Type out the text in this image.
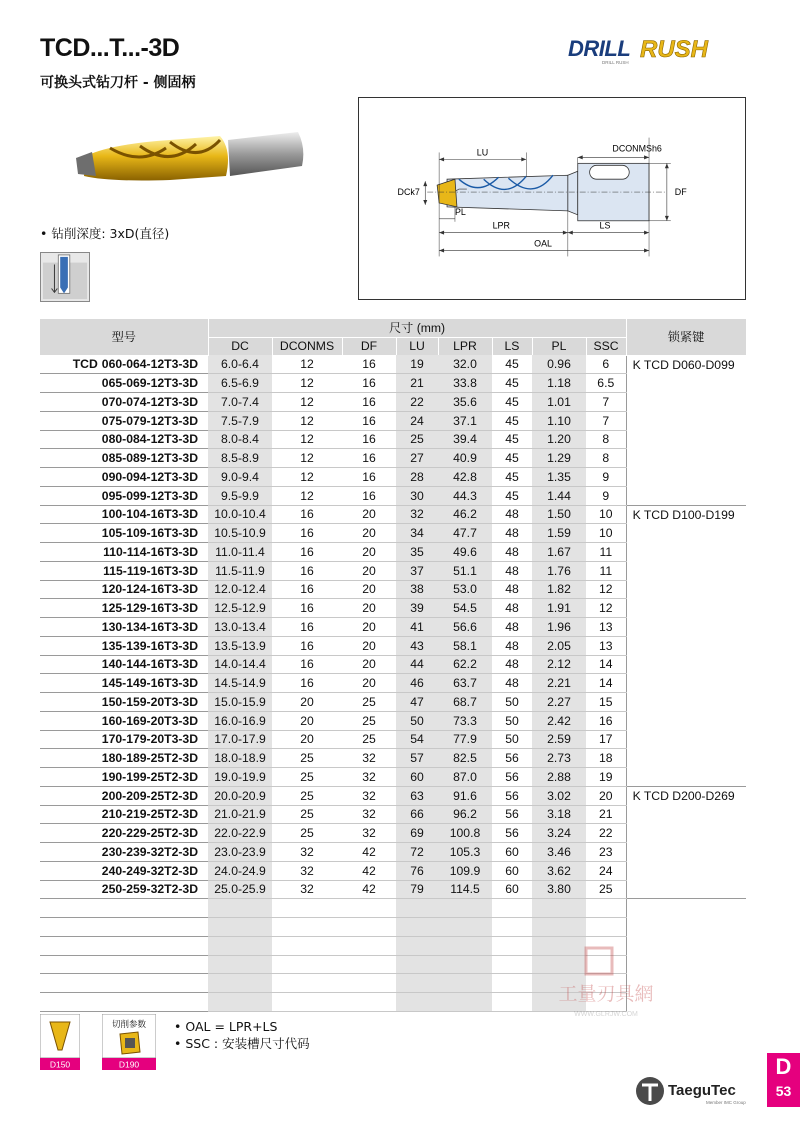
TCD...T...-3D
可换头式钻刀杆 - 侧固柄
DRILL RUSH
DRILL RUSH
• 钻削深度: 3xD(直径)
LU	DCONMSh6
DCk7	DF
PL
LPR	LS
OAL
型号	尺寸 (mm)								锁紧键
	DC	DCONMS	DF	LU	LPR	LS	PL	SSC	
TCD 060-064-12T3-3D	6.0-6.4	12	16	19	32.0	45	0.96	6	K TCD D060-D099
065-069-12T3-3D	6.5-6.9	12	16	21	33.8	45	1.18	6.5	
070-074-12T3-3D	7.0-7.4	12	16	22	35.6	45	1.01	7	
075-079-12T3-3D	7.5-7.9	12	16	24	37.1	45	1.10	7	
080-084-12T3-3D	8.0-8.4	12	16	25	39.4	45	1.20	8	
085-089-12T3-3D	8.5-8.9	12	16	27	40.9	45	1.29	8	
090-094-12T3-3D	9.0-9.4	12	16	28	42.8	45	1.35	9	
095-099-12T3-3D	9.5-9.9	12	16	30	44.3	45	1.44	9	
100-104-16T3-3D	10.0-10.4	16	20	32	46.2	48	1.50	10	K TCD D100-D199
105-109-16T3-3D	10.5-10.9	16	20	34	47.7	48	1.59	10	
110-114-16T3-3D	11.0-11.4	16	20	35	49.6	48	1.67	11	
115-119-16T3-3D	11.5-11.9	16	20	37	51.1	48	1.76	11	
120-124-16T3-3D	12.0-12.4	16	20	38	53.0	48	1.82	12	
125-129-16T3-3D	12.5-12.9	16	20	39	54.5	48	1.91	12	
130-134-16T3-3D	13.0-13.4	16	20	41	56.6	48	1.96	13	
135-139-16T3-3D	13.5-13.9	16	20	43	58.1	48	2.05	13	
140-144-16T3-3D	14.0-14.4	16	20	44	62.2	48	2.12	14	
145-149-16T3-3D	14.5-14.9	16	20	46	63.7	48	2.21	14	
150-159-20T3-3D	15.0-15.9	20	25	47	68.7	50	2.27	15	
160-169-20T3-3D	16.0-16.9	20	25	50	73.3	50	2.42	16	
170-179-20T3-3D	17.0-17.9	20	25	54	77.9	50	2.59	17	
180-189-25T2-3D	18.0-18.9	25	32	57	82.5	56	2.73	18	
190-199-25T2-3D	19.0-19.9	25	32	60	87.0	56	2.88	19	
200-209-25T2-3D	20.0-20.9	25	32	63	91.6	56	3.02	20	K TCD D200-D269
210-219-25T2-3D	21.0-21.9	25	32	66	96.2	56	3.18	21	
220-229-25T2-3D	22.0-22.9	25	32	69	100.8	56	3.24	22	
230-239-32T2-3D	23.0-23.9	32	42	72	105.3	60	3.46	23	
240-249-32T2-3D	24.0-24.9	32	42	76	109.9	60	3.62	24	
250-259-32T2-3D	25.0-25.9	32	42	79	114.5	60	3.80	25	

D150
切削参数
D190
• OAL = LPR+LS
• SSC : 安装槽尺寸代码
工量刃具網
WWW.GLRJW.COM
TaeguTec
Member IMC Group
D
53
